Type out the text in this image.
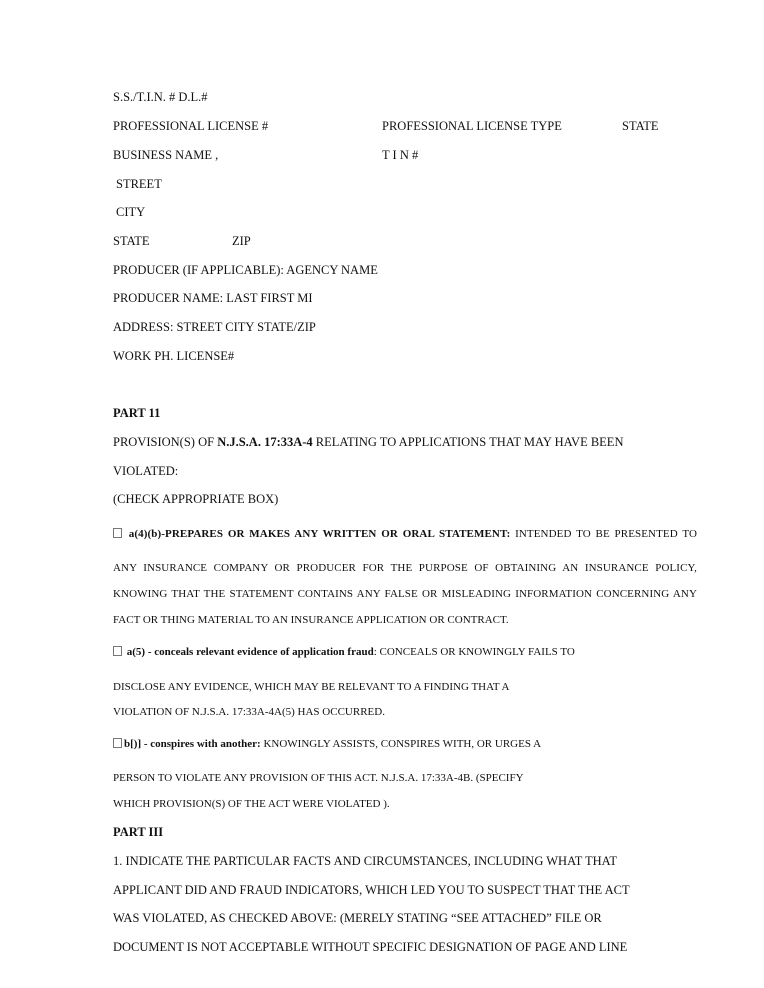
S.S./T.I.N. # D.L.#
PROFESSIONAL LICENSE #	PROFESSIONAL LICENSE TYPE	STATE
BUSINESS NAME ,	T I N #
STREET
CITY
STATE	ZIP
PRODUCER (IF APPLICABLE): AGENCY NAME
PRODUCER NAME: LAST FIRST MI
ADDRESS: STREET CITY STATE/ZIP
WORK PH. LICENSE#
PART 11
PROVISION(S) OF N.J.S.A. 17:33A-4 RELATING TO APPLICATIONS THAT MAY HAVE BEEN
VIOLATED:
(CHECK APPROPRIATE BOX)
a(4)(b)-PREPARES OR MAKES ANY WRITTEN OR ORAL STATEMENT: INTENDED TO BE PRESENTED TO
ANY INSURANCE COMPANY OR PRODUCER FOR THE PURPOSE OF OBTAINING AN INSURANCE POLICY,
KNOWING THAT THE STATEMENT CONTAINS ANY FALSE OR MISLEADING INFORMATION CONCERNING ANY
FACT OR THING MATERIAL TO AN INSURANCE APPLICATION OR CONTRACT.
a(5) - conceals relevant evidence of application fraud: CONCEALS OR KNOWINGLY FAILS TO
DISCLOSE ANY EVIDENCE, WHICH MAY BE RELEVANT TO A FINDING THAT A
VIOLATION OF N.J.S.A. 17:33A-4A(5) HAS OCCURRED.
b[)] - conspires with another: KNOWINGLY ASSISTS, CONSPIRES WITH, OR URGES A
PERSON TO VIOLATE ANY PROVISION OF THIS ACT. N.J.S.A. 17:33A-4B. (SPECIFY
WHICH PROVISION(S) OF THE ACT WERE VIOLATED ).
PART III
1. INDICATE THE PARTICULAR FACTS AND CIRCUMSTANCES, INCLUDING WHAT THAT
APPLICANT DID AND FRAUD INDICATORS, WHICH LED YOU TO SUSPECT THAT THE ACT
WAS VIOLATED, AS CHECKED ABOVE: (MERELY STATING “SEE ATTACHED” FILE OR
DOCUMENT IS NOT ACCEPTABLE WITHOUT SPECIFIC DESIGNATION OF PAGE AND LINE
